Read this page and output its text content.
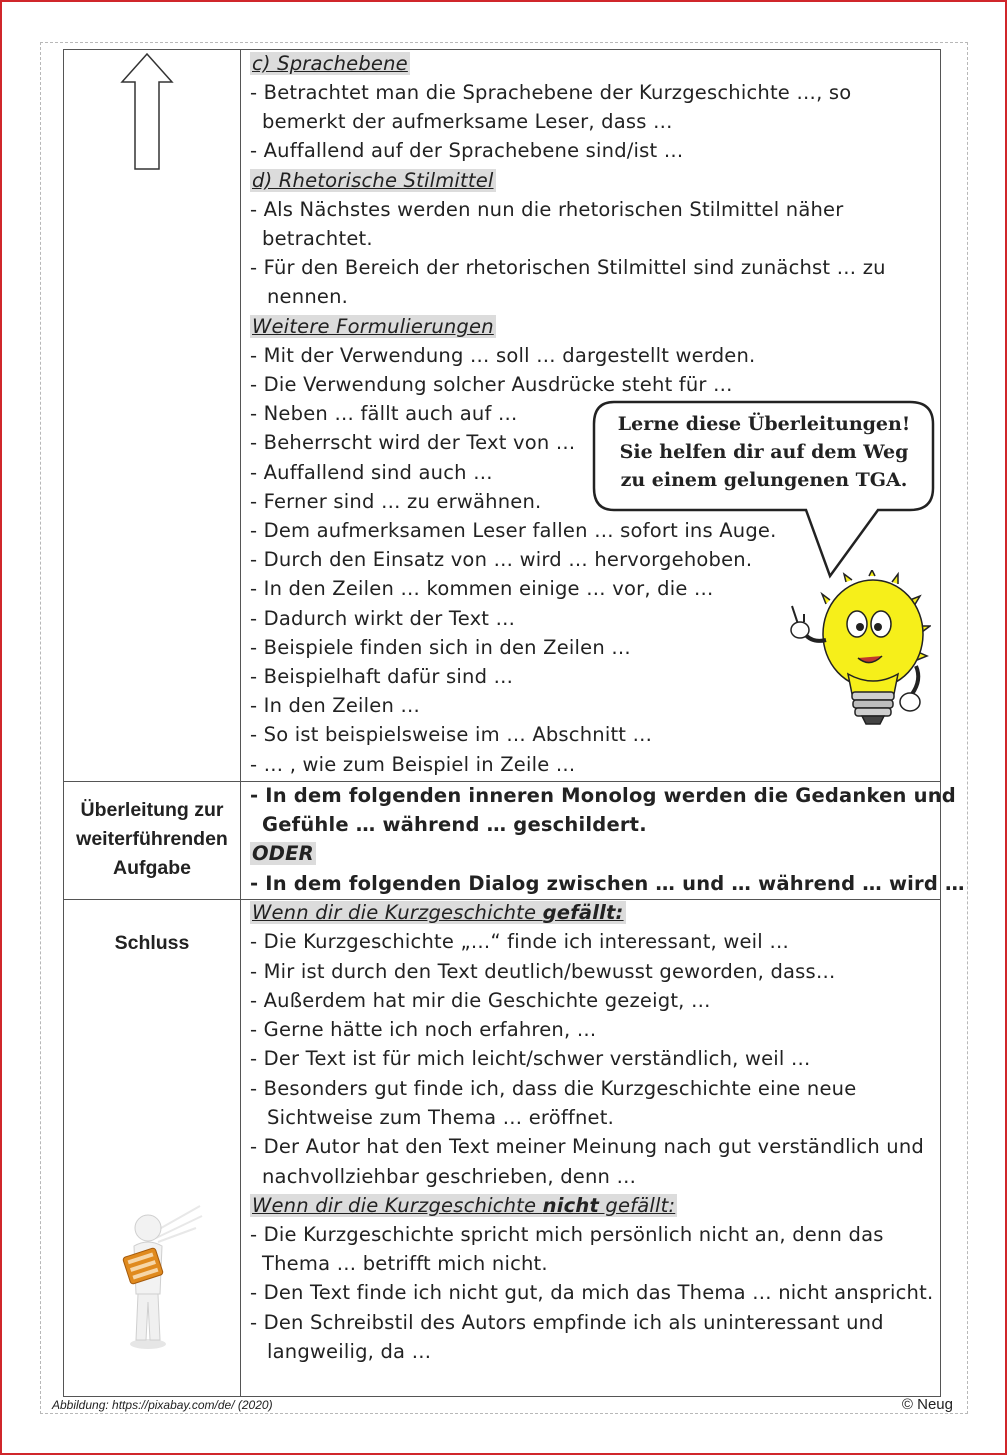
c) Sprachebene
- Betrachtet man die Sprachebene der Kurzgeschichte …, so
bemerkt der aufmerksame Leser, dass …
- Auffallend auf der Sprachebene sind/ist …
d) Rhetorische Stilmittel
- Als Nächstes werden nun die rhetorischen Stilmittel näher
betrachtet.
- Für den Bereich der rhetorischen Stilmittel sind zunächst … zu
nennen.
Weitere Formulierungen
- Mit der Verwendung … soll … dargestellt werden.
- Die Verwendung solcher Ausdrücke steht für …
- Neben … fällt auch auf …
- Beherrscht wird der Text von …
- Auffallend sind auch …
- Ferner sind … zu erwähnen.
- Dem aufmerksamen Leser fallen … sofort ins Auge.
- Durch den Einsatz von … wird … hervorgehoben.
- In den Zeilen … kommen einige … vor, die …
- Dadurch wirkt der Text …
- Beispiele finden sich in den Zeilen …
- Beispielhaft dafür sind …
- In den Zeilen …
- So ist beispielsweise im … Abschnitt …
- … , wie zum Beispiel in Zeile …
Lerne diese Überleitungen!
Sie helfen dir auf dem Weg
zu einem gelungenen TGA.
Überleitung zur
weiterführenden
Aufgabe
- In dem folgenden inneren Monolog werden die Gedanken und
Gefühle … während … geschildert.
ODER
- In dem folgenden Dialog zwischen … und … während … wird …
Schluss
Wenn dir die Kurzgeschichte gefällt:
- Die Kurzgeschichte „…“ finde ich interessant, weil …
- Mir ist durch den Text deutlich/bewusst geworden, dass…
- Außerdem hat mir die Geschichte gezeigt, …
- Gerne hätte ich noch erfahren, …
- Der Text ist für mich leicht/schwer verständlich, weil …
- Besonders gut finde ich, dass die Kurzgeschichte eine neue
Sichtweise zum Thema … eröffnet.
- Der Autor hat den Text meiner Meinung nach gut verständlich und
nachvollziehbar geschrieben, denn …
Wenn dir die Kurzgeschichte nicht gefällt:
- Die Kurzgeschichte spricht mich persönlich nicht an, denn das
Thema … betrifft mich nicht.
- Den Text finde ich nicht gut, da mich das Thema … nicht anspricht.
- Den Schreibstil des Autors empfinde ich als uninteressant und
langweilig, da …
Abbildung: https://pixabay.com/de/ (2020)	© Neug
